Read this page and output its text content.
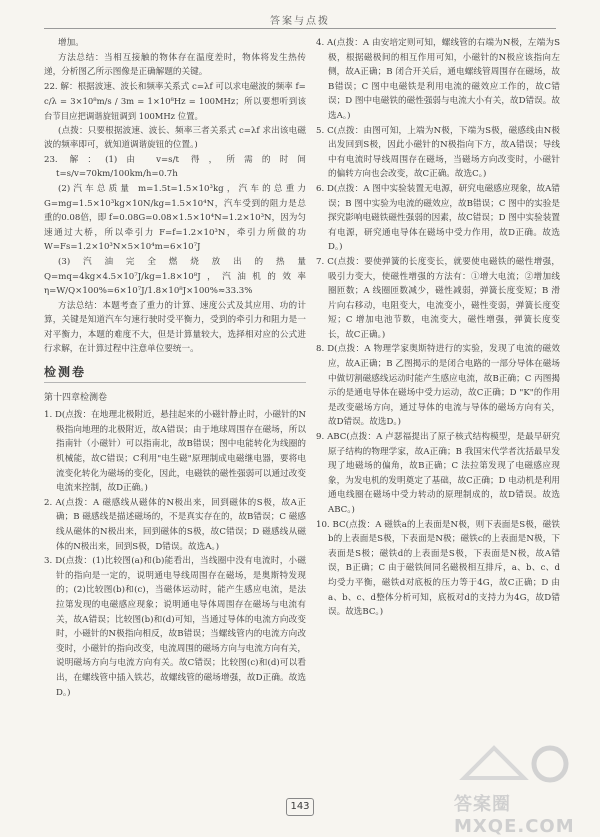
答案与点拨

增加。

方法总结：当相互接触的物体存在温度差时，物体将发生热传递，分析图乙所示图像是正确解题的关键。

22. 解：根据波速、波长和频率关系式 c=λf 可以求电磁波的频率 f=

c/λ = 3×10⁸m/s / 3m = 1×10⁸Hz = 100MHz；所以要想听到该台节目应把调谐旋钮调到 100MHz 位置。

(点拨：只要根据波速、波长、频率三者关系式 c=λf 求出该电磁波的频率即可，就知道调谐旋钮的位置。)

23. 解：(1)由 v=s/t 得，所需的时间 t=s/v=70km/100km/h=0.7h

(2)汽车总质量 m=1.5t=1.5×10³kg，汽车的总重力 G=mg=1.5×10³kg×10N/kg=1.5×10⁴N，汽车受到的阻力是总重的0.08倍，即 f=0.08G=0.08×1.5×10⁴N=1.2×10³N，因为匀速通过大桥，所以牵引力 F=f=1.2×10³N，牵引力所做的功 W=Fs=1.2×10³N×5×10⁴m=6×10⁷J

(3)汽油完全燃烧放出的热量 Q=mq=4kg×4.5×10⁷J/kg=1.8×10⁸J，汽油机的效率 η=W/Q×100%=6×10⁷J/1.8×10⁸J×100%≈33.3%

方法总结：本题考查了重力的计算、速度公式及其应用、功的计算，关键是知道汽车匀速行驶时受平衡力，受到的牵引力和阻力是一对平衡力，本题的难度不大，但是计算量较大，选择相对应的公式进行求解，在计算过程中注意单位要统一。

检测卷
第十四章检测卷

1. D(点拨：在地理北极附近，悬挂起来的小磁针静止时，小磁针的N极指向地理的北极附近，故A错误；由于地球周围存在磁场，所以指南针（小磁针）可以指南北，故B错误；图中电能转化为线圈的机械能，故C错误；C利用"电生磁"原理制成电磁继电器，要将电流变化转化为磁场的变化，因此，电磁铁的磁性强弱可以通过改变电流来控制，故D正确。)

2. A(点拨：A 磁感线从磁体的N极出来，回到磁体的S极，故A正确；B 磁感线是描述磁场的，不是真实存在的，故B错误；C 磁感线从磁体的N极出来，回到磁体的S极，故C错误；D 磁感线从磁体的N极出来，回到S极，D错误。故选A。)

3. D(点拨：(1)比较图(a)和(b)能看出，当线圈中没有电流时，小磁针的指向是一定的，说明通电导线周围存在磁场，是奥斯特发现的；(2)比较图(b)和(c)，当磁体运动时，能产生感应电流，是法拉第发现的电磁感应现象；说明通电导体周围存在磁场与电流有关，故A错误；比较图(b)和(d)可知，当通过导体的电流方向改变时，小磁针的N极指向相反，故B错误；当螺线管内的电流方向改变时，小磁针的指向改变，电流周围的磁场方向与电流方向有关，说明磁场方向与电流方向有关。故C错误；比较图(c)和(d)可以看出，在螺线管中插入铁芯，故螺线管的磁场增强，故D正确。故选D。)

4. A(点拨：A 由安培定则可知，螺线管的右端为N极，左端为S极，根据磁极间的相互作用可知，小磁针的N极应该指向左侧，故A正确；B 闭合开关后，通电螺线管周围存在磁场，故B错误；C 图中电磁铁是利用电流的磁效应工作的，故C错误；D 图中电磁铁的磁性强弱与电流大小有关，故D错误。故选A。)

5. C(点拨：由图可知，上端为N极，下端为S极，磁感线由N极出发回到S极，因此小磁针的N极指向下方，故A错误；导线中有电流时导线周围存在磁场，当磁场方向改变时，小磁针的偏转方向也会改变，故C正确。故选C。)

6. D(点拨：A 图中实验装置无电源，研究电磁感应现象，故A错误；B 图中实验为电流的磁效应，故B错误；C 图中的实验是探究影响电磁铁磁性强弱的因素，故C错误；D 图中实验装置有电源，研究通电导体在磁场中受力作用，故D正确。故选D。)

7. C(点拨：要使弹簧的长度变长，就要使电磁铁的磁性增强，吸引力变大，使磁性增强的方法有：①增大电流；②增加线圈匝数；A 线圈匝数减少，磁性减弱，弹簧长度变短；B 滑片向右移动，电阻变大，电流变小，磁性变弱，弹簧长度变短；C 增加电池节数，电流变大，磁性增强，弹簧长度变长，故C正确。)

8. D(点拨：A 物理学家奥斯特进行的实验，发现了电流的磁效应，故A正确；B 乙图揭示的是闭合电路的一部分导体在磁场中做切割磁感线运动时能产生感应电流，故B正确；C 丙图揭示的是通电导体在磁场中受力运动，故C正确；D "K"的作用是改变磁场方向，通过导体的电流与导体的磁场方向有关，故D错误。故选D。)

9. ABC(点拨：A 卢瑟福提出了原子核式结构模型，是最早研究原子结构的物理学家，故A正确；B 我国宋代学者沈括最早发现了地磁场的偏角，故B正确；C 法拉第发现了电磁感应现象，为发电机的发明奠定了基础，故C正确；D 电动机是利用通电线圈在磁场中受力转动的原理制成的，故D错误。故选ABC。)

10. BC(点拨：A 磁铁a的上表面是N极，则下表面是S极，磁铁b的上表面是S极，下表面是N极；磁铁c的上表面是N极，下表面是S极；磁铁d的上表面是S极，下表面是N极，故A错误，B正确；C 由于磁铁间同名磁极相互排斥，a、b、c、d均受力平衡，磁铁d对底板的压力等于4G，故C正确；D 由a、b、c、d整体分析可知，底板对d的支持力为4G，故D错误。故选BC。)

143	答案圈 MXQE.COM
